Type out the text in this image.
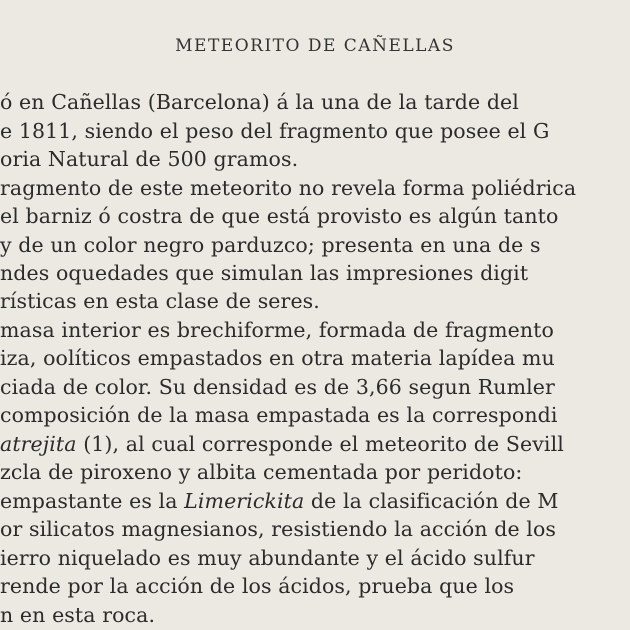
METEORITO DE CAÑELLAS
ó en Cañellas (Barcelona) á la una de la tarde del
e 1811, siendo el peso del fragmento que posee el G
oria Natural de 500 gramos.
ragmento de este meteorito no revela forma poliédrica
el barniz ó costra de que está provisto es algún tanto
y de un color negro parduzco; presenta en una de s
ndes oquedades que simulan las impresiones digit
rísticas en esta clase de seres.
masa interior es brechiforme, formada de fragmento
iza, oolíticos empastados en otra materia lapídea mu
ciada de color. Su densidad es de 3,66 segun Rumler
composición de la masa empastada es la correspondi
atrejita (1), al cual corresponde el meteorito de Sevill
zcla de piroxeno y albita cementada por peridoto:
empastante es la Limerickita de la clasificación de M
or silicatos magnesianos, resistiendo la acción de los
ierro niquelado es muy abundante y el ácido sulfur
rende por la acción de los ácidos, prueba que los
n en esta roca.
